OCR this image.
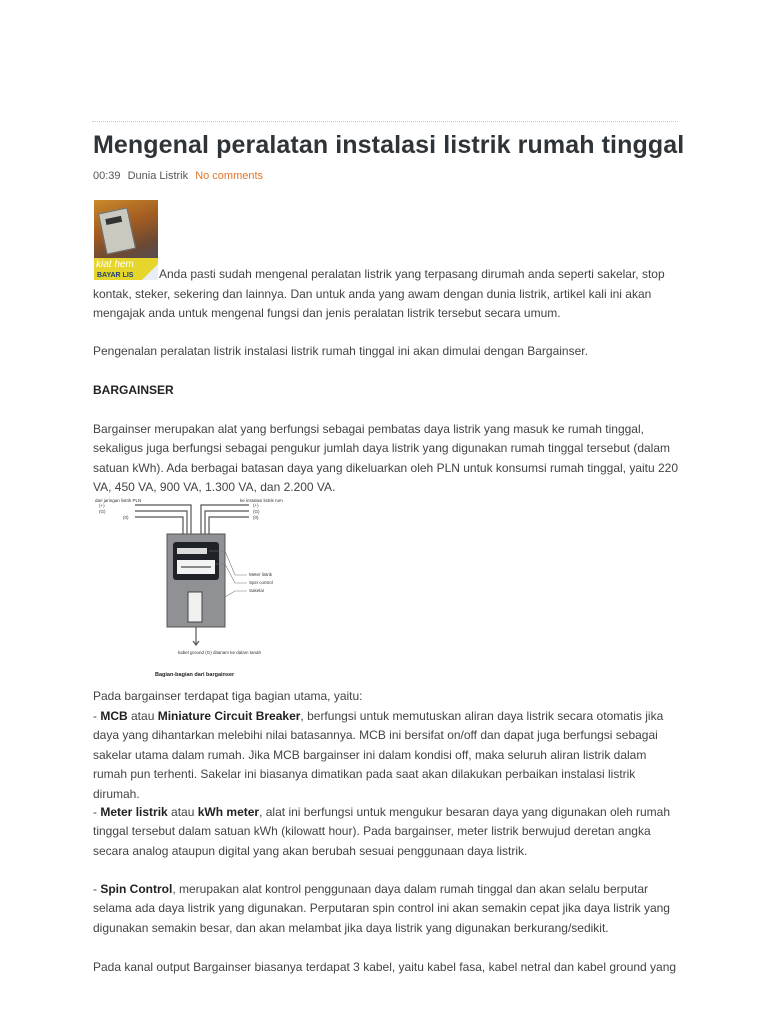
Mengenal peralatan instalasi listrik rumah tinggal
00:39 Dunia Listrik No comments
kiat hem
BAYAR LIS Anda pasti sudah mengenal peralatan listrik yang terpasang dirumah anda seperti sakelar, stop

kontak, steker, sekering dan lainnya. Dan untuk anda yang awam dengan dunia listrik, artikel kali ini akan mengajak anda untuk mengenal fungsi dan jenis peralatan listrik tersebut secara umum.

Pengenalan peralatan listrik instalasi listrik rumah tinggal ini akan dimulai dengan Bargainser.

BARGAINSER

Bargainser merupakan alat yang berfungsi sebagai pembatas daya listrik yang masuk ke rumah tinggal, sekaligus juga berfungsi sebagai pengukur jumlah daya listrik yang digunakan rumah tinggal tersebut (dalam satuan kWh). Ada berbagai batasan daya yang dikeluarkan oleh PLN untuk konsumsi rumah tinggal, yaitu 220 VA, 450 VA, 900 VA, 1.300 VA, dan 2.200 VA.

dari jaringan listrik PLN
(+)
(G)
(0)
ke instalasi listrik rumah
(+)
(G)
(0)
Meter listrik
Spin control
Sakelar
kabel ground (G) ditanam ke dalam tanah
Bagian-bagian dari bargainser

Pada bargainser terdapat tiga bagian utama, yaitu:

- MCB atau Miniature Circuit Breaker, berfungsi untuk memutuskan aliran daya listrik secara otomatis jika daya yang dihantarkan melebihi nilai batasannya. MCB ini bersifat on/off dan dapat juga berfungsi sebagai sakelar utama dalam rumah. Jika MCB bargainser ini dalam kondisi off, maka seluruh aliran listrik dalam rumah pun terhenti. Sakelar ini biasanya dimatikan pada saat akan dilakukan perbaikan instalasi listrik dirumah.

- Meter listrik atau kWh meter, alat ini berfungsi untuk mengukur besaran daya yang digunakan oleh rumah tinggal tersebut dalam satuan kWh (kilowatt hour). Pada bargainser, meter listrik berwujud deretan angka secara analog ataupun digital yang akan berubah sesuai penggunaan daya listrik.

- Spin Control, merupakan alat kontrol penggunaan daya dalam rumah tinggal dan akan selalu berputar selama ada daya listrik yang digunakan. Perputaran spin control ini akan semakin cepat jika daya listrik yang digunakan semakin besar, dan akan melambat jika daya listrik yang digunakan berkurang/sedikit.

Pada kanal output Bargainser biasanya terdapat 3 kabel, yaitu kabel fasa, kabel netral dan kabel ground yang
